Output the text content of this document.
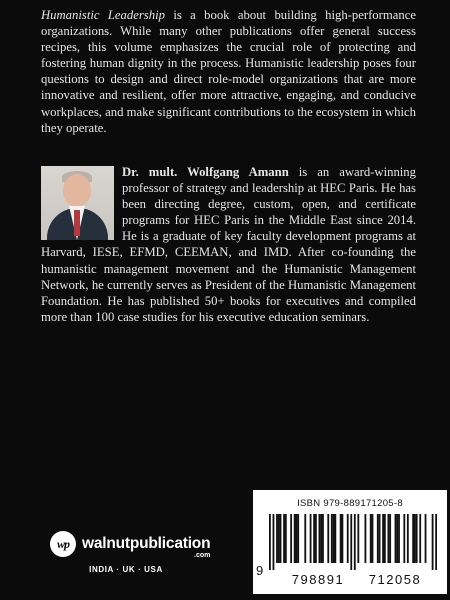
Humanistic Leadership is a book about building high-performance organizations. While many other publications offer general success recipes, this volume emphasizes the crucial role of protecting and fostering human dignity in the process. Humanistic leadership poses four questions to design and direct role-model organizations that are more innovative and resilient, offer more attractive, engaging, and conducive workplaces, and make significant contributions to the ecosystem in which they operate.
Dr. mult. Wolfgang Amann is an award-winning professor of strategy and leadership at HEC Paris. He has been directing degree, custom, open, and certificate programs for HEC Paris in the Middle East since 2014. He is a graduate of key faculty development programs at Harvard, IESE, EFMD, CEEMAN, and IMD. After co-founding the humanistic management movement and the Humanistic Management Network, he currently serves as President of the Humanistic Management Foundation. He has published 50+ books for executives and compiled more than 100 case studies for his executive education seminars.
wp walnutpublication
.com
INDIA · UK · USA
ISBN 979-889171205-8
9
798891	712058
